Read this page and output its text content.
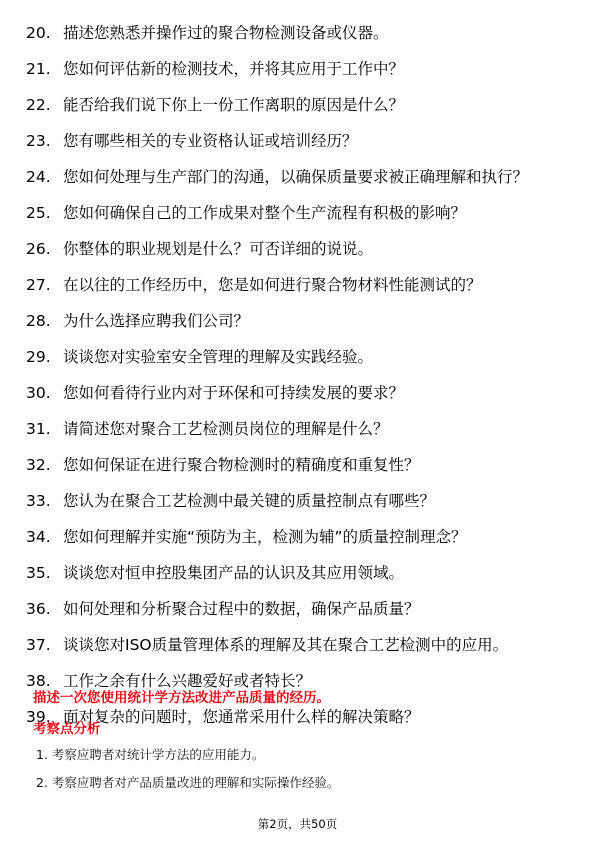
20. 描述您熟悉并操作过的聚合物检测设备或仪器。
21. 您如何评估新的检测技术，并将其应用于工作中？
22. 能否给我们说下你上一份工作离职的原因是什么？
23. 您有哪些相关的专业资格认证或培训经历？
24. 您如何处理与生产部门的沟通，以确保质量要求被正确理解和执行？
25. 您如何确保自己的工作成果对整个生产流程有积极的影响？
26. 你整体的职业规划是什么？可否详细的说说。
27. 在以往的工作经历中，您是如何进行聚合物材料性能测试的？
28. 为什么选择应聘我们公司？
29. 谈谈您对实验室安全管理的理解及实践经验。
30. 您如何看待行业内对于环保和可持续发展的要求？
31. 请简述您对聚合工艺检测员岗位的理解是什么？
32. 您如何保证在进行聚合物检测时的精确度和重复性？
33. 您认为在聚合工艺检测中最关键的质量控制点有哪些？
34. 您如何理解并实施“预防为主，检测为辅”的质量控制理念？
35. 谈谈您对恒申控股集团产品的认识及其应用领域。
36. 如何处理和分析聚合过程中的数据，确保产品质量？
37. 谈谈您对ISO质量管理体系的理解及其在聚合工艺检测中的应用。
38. 工作之余有什么兴趣爱好或者特长？
39. 面对复杂的问题时，您通常采用什么样的解决策略？
描述一次您使用统计学方法改进产品质量的经历。
考察点分析
1. 考察应聘者对统计学方法的应用能力。
2. 考察应聘者对产品质量改进的理解和实际操作经验。
第2页，共50页
